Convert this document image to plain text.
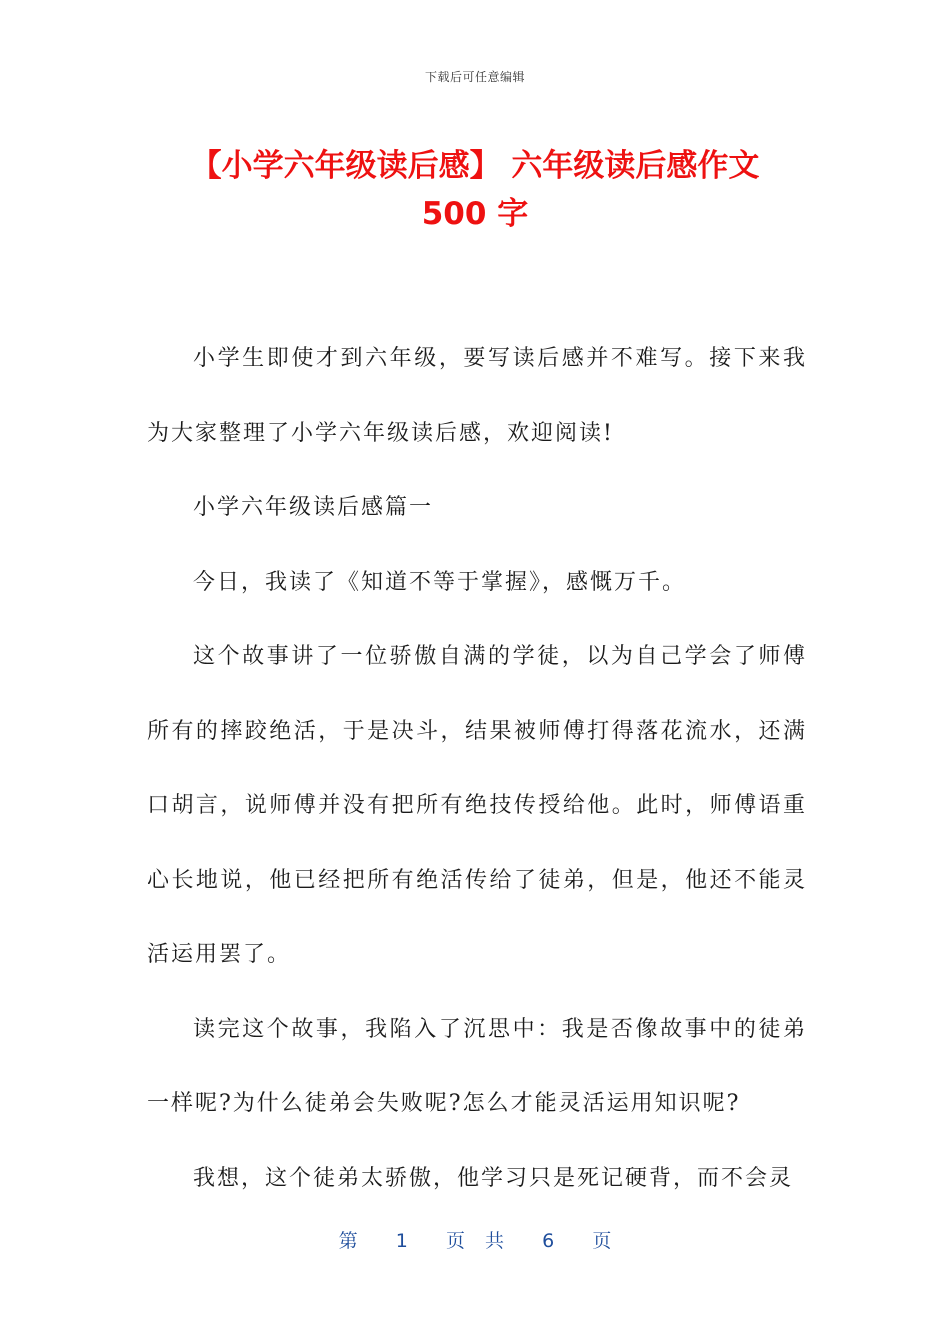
下载后可任意编辑
【小学六年级读后感】 六年级读后感作文
500 字

小学生即使才到六年级，要写读后感并不难写。接下来我为大家整理了小学六年级读后感，欢迎阅读!

小学六年级读后感篇一

今日，我读了《知道不等于掌握》，感慨万千。

这个故事讲了一位骄傲自满的学徒，以为自己学会了师傅所有的摔跤绝活，于是决斗，结果被师傅打得落花流水，还满口胡言，说师傅并没有把所有绝技传授给他。此时，师傅语重心长地说，他已经把所有绝活传给了徒弟，但是，他还不能灵活运用罢了。

读完这个故事，我陷入了沉思中：我是否像故事中的徒弟一样呢?为什么徒弟会失败呢?怎么才能灵活运用知识呢?

我想，这个徒弟太骄傲，他学习只是死记硬背，而不会灵

第 1 页 共 6 页
